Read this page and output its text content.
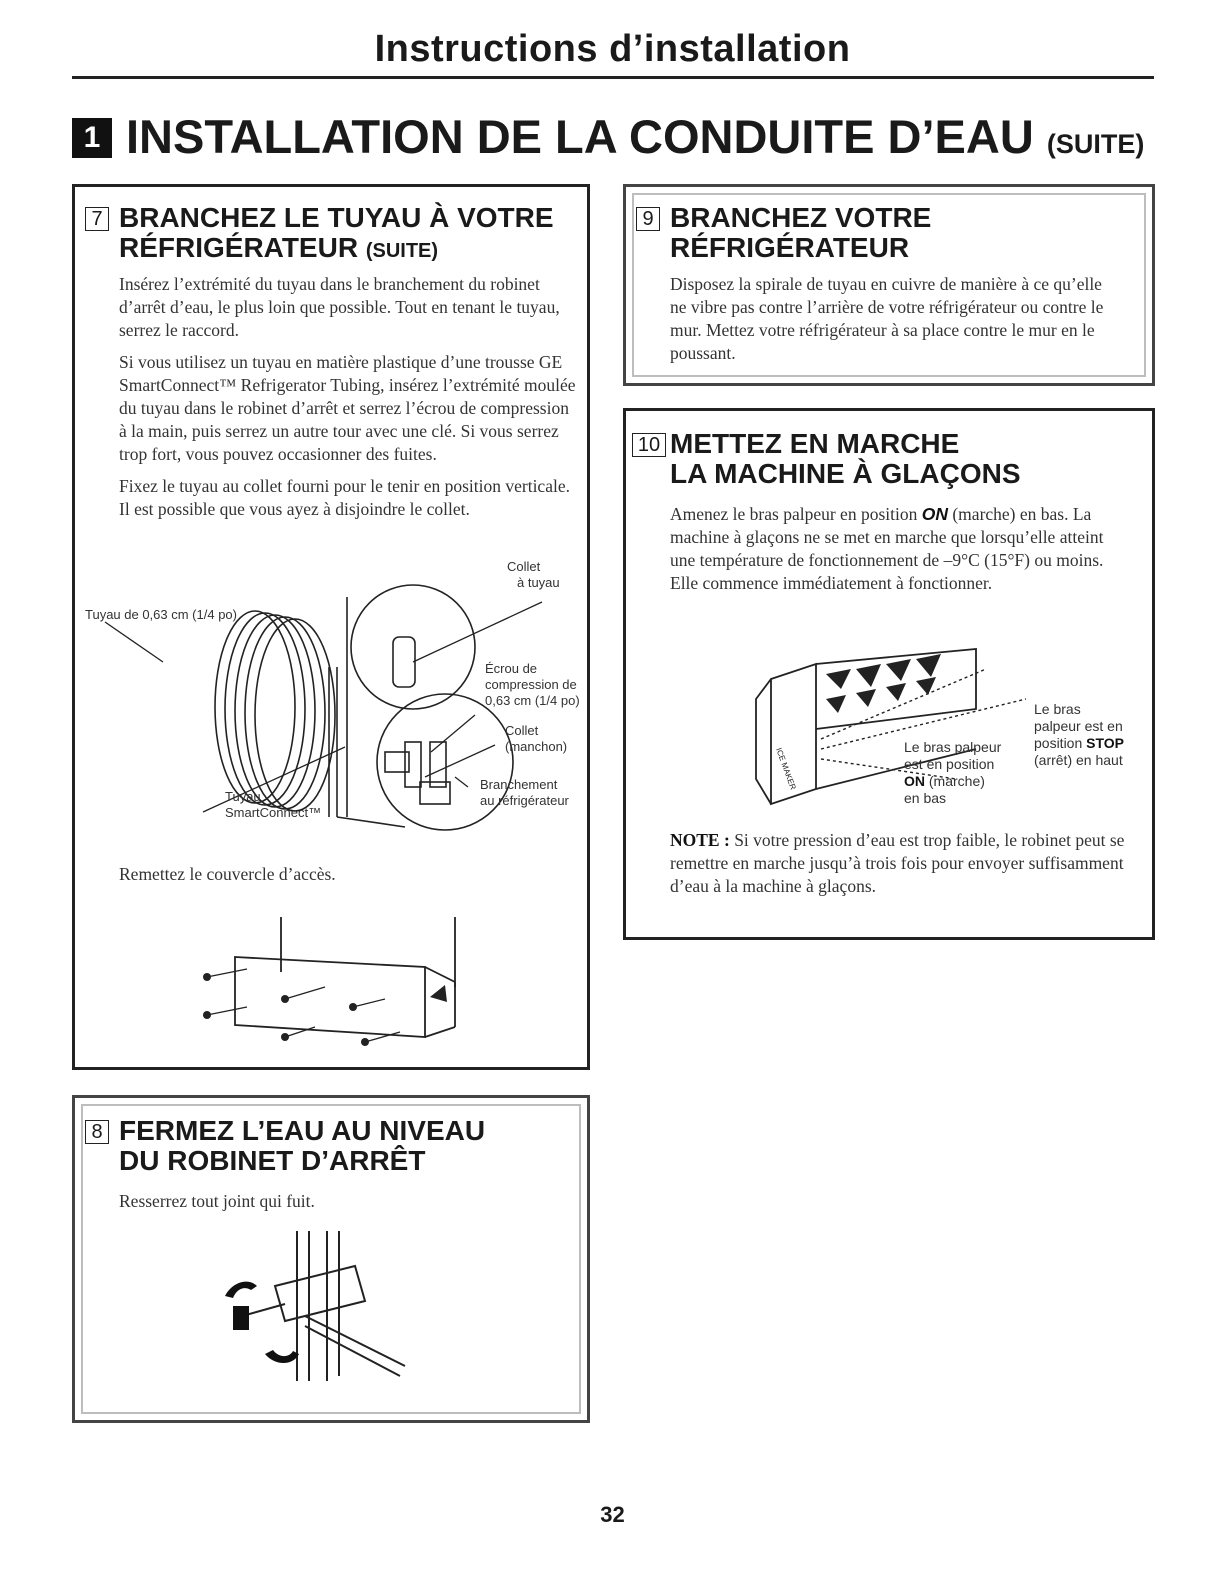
Instructions d’installation
1 INSTALLATION DE LA CONDUITE D’EAU (SUITE)
7 BRANCHEZ LE TUYAU À VOTRE
RÉFRIGÉRATEUR (SUITE)

Insérez l’extrémité du tuyau dans le branchement du robinet d’arrêt d’eau, le plus loin que possible. Tout en tenant le tuyau, serrez le raccord.

Si vous utilisez un tuyau en matière plastique d’une trousse GE SmartConnect™ Refrigerator Tubing, insérez l’extrémité moulée du tuyau dans le robinet d’arrêt et serrez l’écrou de compression à la main, puis serrez un autre tour avec une clé. Si vous serrez trop fort, vous pouvez occasionner des fuites.

Fixez le tuyau au collet fourni pour le tenir en position verticale. Il est possible que vous ayez à disjoindre le collet.

Collet
à tuyau
Tuyau de 0,63 cm (1/4 po)
Écrou de
compression de
0,63 cm (1/4 po)
Collet
(manchon)
Branchement
au réfrigérateur
Tuyau
SmartConnect™
Remettez le couvercle d’accès.
8 FERMEZ L’EAU AU NIVEAU
DU ROBINET D’ARRÊT
Resserrez tout joint qui fuit.
9 BRANCHEZ VOTRE
RÉFRIGÉRATEUR
Disposez la spirale de tuyau en cuivre de manière à ce qu’elle ne vibre pas contre l’arrière de votre réfrigérateur ou contre le mur. Mettez votre réfrigérateur à sa place contre le mur en le poussant.
10 METTEZ EN MARCHE
LA MACHINE À GLAÇONS

Amenez le bras palpeur en position ON (marche) en bas. La machine à glaçons ne se met en marche que lorsqu’elle atteint une température de fonctionnement de –9°C (15°F) ou moins.

Elle commence immédiatement à fonctionner.

ICE MAKER
Le bras
palpeur est en
position STOP
(arrêt) en haut
Le bras palpeur
est en position
ON (marche)
en bas
NOTE : Si votre pression d’eau est trop faible, le robinet peut se remettre en marche jusqu’à trois fois pour envoyer suffisamment d’eau à la machine à glaçons.
32
